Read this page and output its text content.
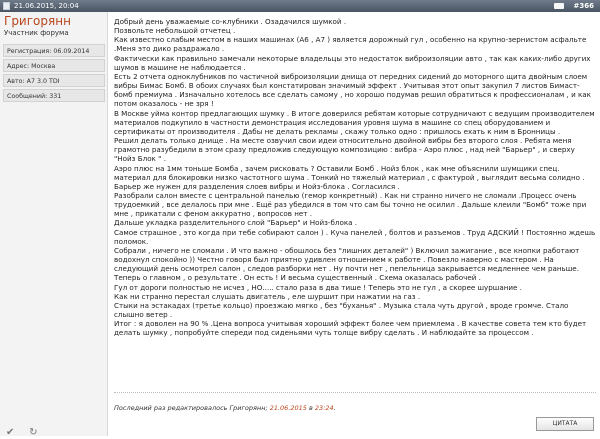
21.06.2015, 20:04	#366
Григорянн
Участник форума
Регистрация: 06.09.2014
Адрес: Москва
Авто: A7 3.0 TDI
Сообщений: 331
✔ ↻

Добрый день уважаемые со-клубники . Озадачился шумкой .

Позвольте небольшой отчетец .

Как известно слабым местом в наших машинах (A6 , A7 ) является дорожный гул , особенно на крупно-зернистом асфальте .Меня это дико раздражало .

Фактически как правильно замечали некоторые владельцы это недостаток виброизоляции авто , так как каких-либо других шумов в машине не наблюдается .

Есть 2 отчета одноклубников по частичной виброизоляции днища от передних сидений до моторного щита двойным слоем вибры Бимас Бомб. В обоих случаях был констатирован значимый эффект . Учитывая этот опыт закупил 7 листов Бимаст-бомб премиума . Изначально хотелось все сделать самому , но хорошо подумав решил обратиться к профессионалам , и как потом оказалось - не зря !

В Москве уйма контор предлагающих шумку . В итоге доверился ребятам которые сотрудничают с ведущим производителем материалов подкупило в частности демонстрация исследования уровня шума в машине со спец оборудованием и сертификаты от производителя . Дабы не делать рекламы , скажу только одно : пришлось ехать к ним в Бронницы .

Решил делать только днище . На месте озвучил свои идеи относительно двойной вибры без второго слоя . Ребята меня грамотно разубедили в этом сразу предложив следующую композицию : вибра - Аэро плюс , над ней "Барьер" , и сверху "Нойз Блок " .

Аэро плюс на 1мм тоньше Бомба , зачем рисковать ? Оставили Бомб . Нойз блок , как мне объяснили шумщики спец. материал для блокировки низко частотного шума . Тонкий но тяжелый материал , с фактурой , выглядит весьма солидно . Барьер же нужен для разделения слоев вибры и Нойз-блока . Согласился .

Разобрали салон вместе с центральной панелью (гемор конкретный) . Как ни странно ничего не сломали .Процесс очень трудоемкий , все делалось при мне . Ещё раз убедился в том что сам бы точно не осилил . Дальше клеили "Бомб" тоже при мне , прикатали с феном аккуратно , вопросов нет .

Дальше укладка разделительного слой "Барьер" и Нойз-блока .

Самое страшное , это когда при тебе собирают салон ) . Куча панелей , болтов и разъемов . Труд АДСКИЙ ! Постоянно ждешь поломок.

Собрали , ничего не сломали . И что важно - обошлось без "лишних деталей" ) Включил зажигание , все кнопки работают водохнул спокойно )) Честно говоря был приятно удивлен отношением к работе . Повезло наверно с мастером . На следующий день осмотрел салон , следов разборки нет . Ну почти нет , пепельница закрывается медленнее чем раньше.

Теперь о главном , о результате . Он есть ! И весьма существенный . Схема оказалась рабочей .

Гул от дороги полностью не исчез , НО..... стало раза в два тише ! Теперь это не гул , а скорее шуршание .

Как ни странно перестал слушать двигатель , еле шуршит при нажатии на газ .

Стыки на эстакадах (третье кольцо) проезжаю мягко , без "буханья" . Музыка стала чуть другой , вроде громче. Стало слышно ветер .

Итог : я доволен на 90 % .Цена вопроса учитывая хороший эффект более чем приемлема . В качестве совета тем кто будет делать шумку , попробуйте спереди под сиденьями чуть толще вибру сделать . И наблюдайте за процессом .

Последний раз редактировалось Григорянн; 21.06.2015 в 23:24.
ЦИТАТА
